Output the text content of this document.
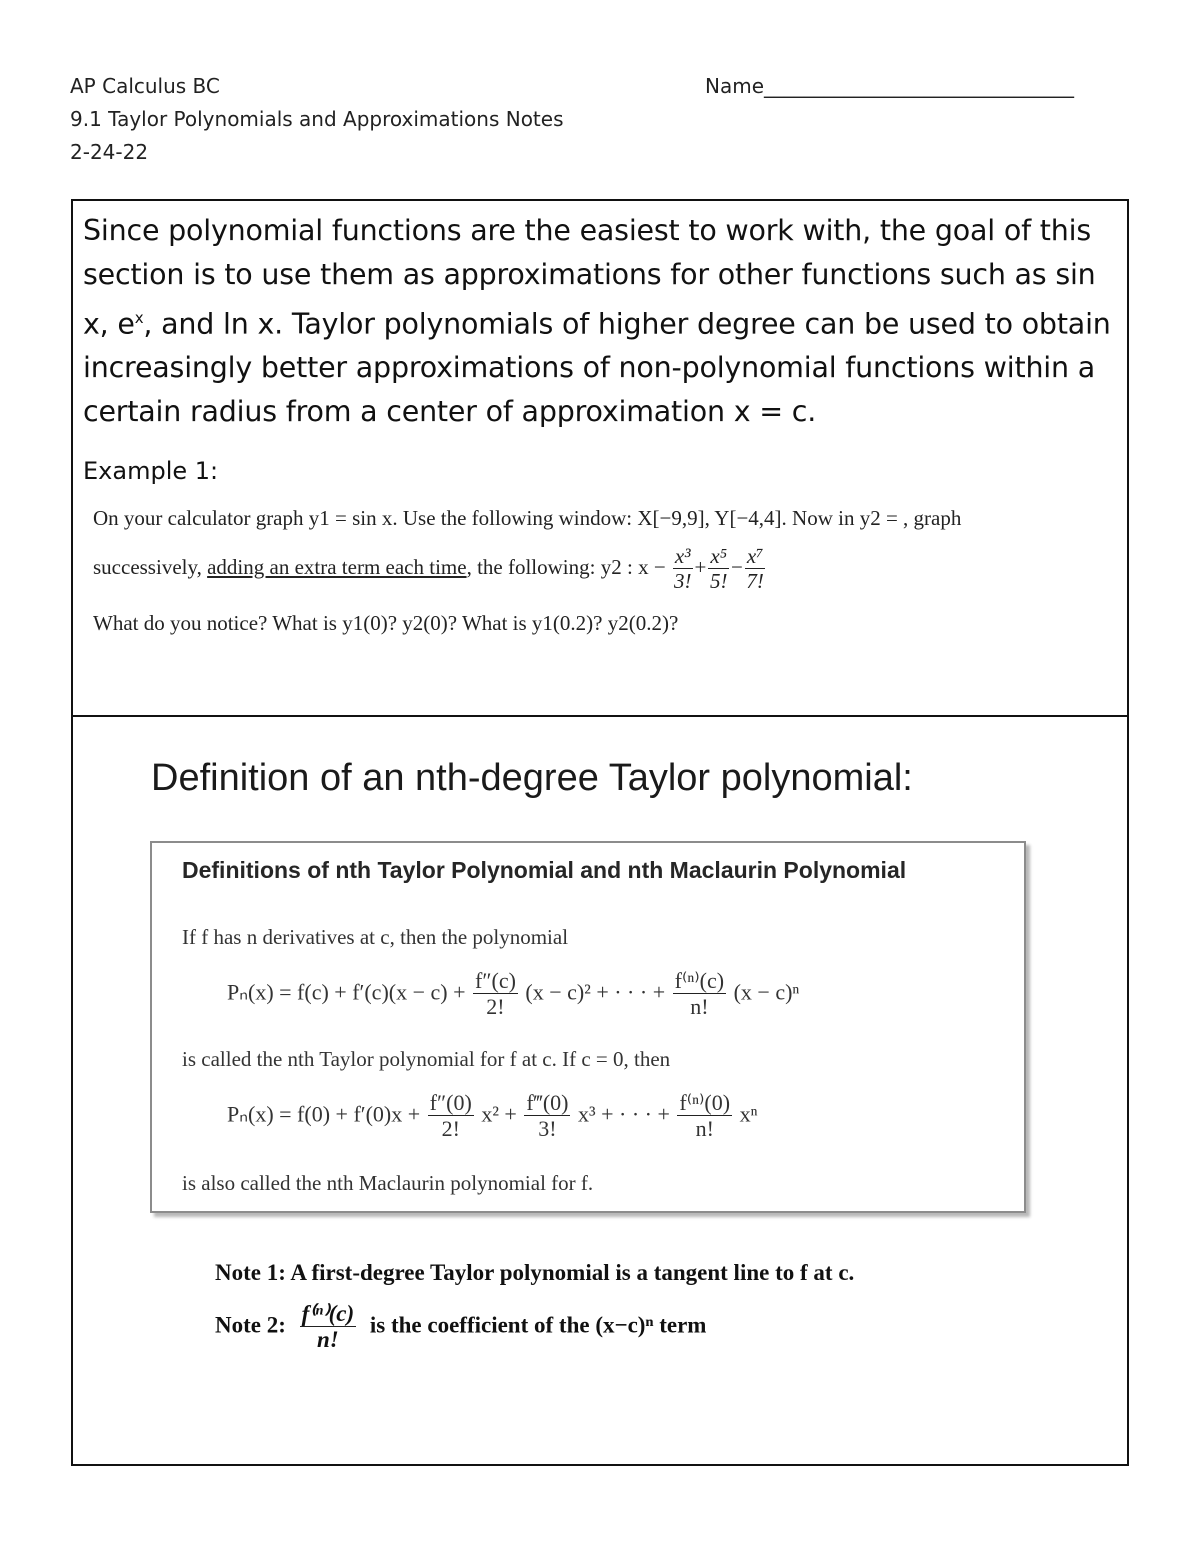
AP Calculus BC
9.1 Taylor Polynomials and Approximations Notes
2-24-22
Name_______________________________
Since polynomial functions are the easiest to work with, the goal of this section is to use them as approximations for other functions such as sin x, $e^x$, and ln x. Taylor polynomials of higher degree can be used to obtain increasingly better approximations of non-polynomial functions within a certain radius from a center of approximation x = c.
Example 1:
On your calculator graph y1 = sin x. Use the following window: X[−9,9], Y[−4,4]. Now in y2 = , graph
successively, adding an extra term each time, the following: y2 : $x - \frac{\text{x³}}{3!} + \frac{\text{x⁵}}{5!} - \frac{\text{x⁷}}{7!}$
What do you notice? What is y1(0)? y2(0)? What is y1(0.2)? y2(0.2)?
Definition of an nth-degree Taylor polynomial:
Definitions of nth Taylor Polynomial and nth Maclaurin Polynomial
If f has n derivatives at c, then the polynomial
$P_n(x) = f(c) + f'(c)(x - c) + \frac{f''(c)}{2!} (x - c)^2$ + · · · + $\frac{\text{f⁽ⁿ⁾(c)}}{n!} (x - c)^n$
is called the nth Taylor polynomial for f at c. If c = 0, then
$P_n(x) = f(0) + f'(0)x + \frac{f''(0)}{2!} x^2 + \frac{f‴(0)}{3!} x^3$ + · · · + $\frac{\text{f⁽ⁿ⁾(0)}}{n!}$ xⁿ
is also called the nth Maclaurin polynomial for f.
Note 1: A first-degree Taylor polynomial is a tangent line to f at c.
Note 2: $\frac{\text{f⁽ⁿ⁾(c)}}{n!}$ is the coefficient of the (x−c)ⁿ term
